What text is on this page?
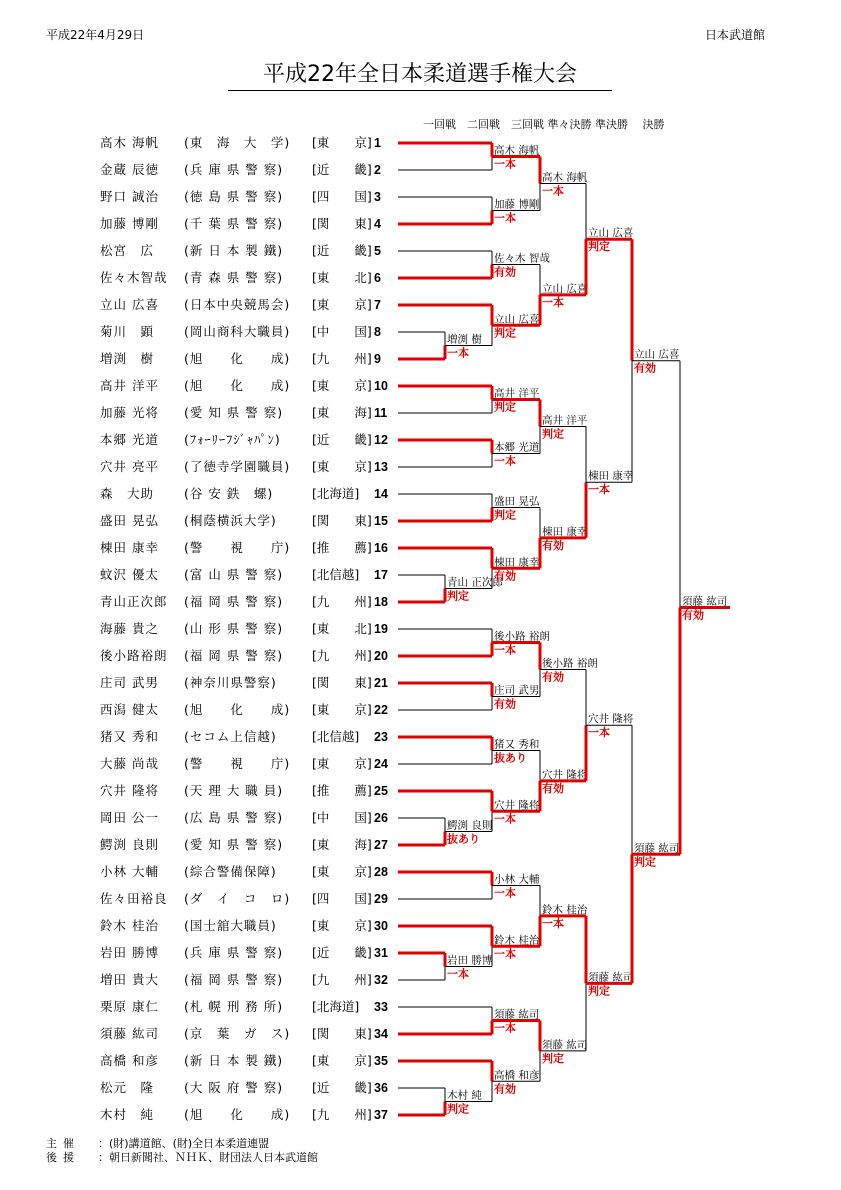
平成22年4月29日	日本武道館
平成22年全日本柔道選手権大会
一回戦　二回戦　三回戦 準々決勝 準決勝　 決勝
高木 海帆 (東　海　大　学) [東　　京] 1
金蔵 辰徳 (兵 庫 県 警 察) [近　　畿] 2
野口 誠治 (徳 島 県 警 察) [四　　国] 3
加藤 博剛 (千 葉 県 警 察) [関　　東] 4
松宮　広 (新 日 本 製 鐵) [近　　畿] 5
佐々木智哉 (青 森 県 警 察) [東　　北] 6
立山 広喜 (日本中央競馬会) [東　　京] 7
菊川　顕 (岡山商科大職員) [中　　国] 8
増渕　樹 (旭　　化　　成) [九　　州] 9
高井 洋平 (旭　　化　　成) [東　　京] 10
加藤 光将 (愛 知 県 警 察) [東　　海] 11
本郷 光道 (ﾌｫｰﾘｰﾌｼﾞｬﾊﾟﾝ) [近　　畿] 12
穴井 亮平 (了徳寺学園職員) [東　　京] 13
森　大助 (谷 安 鉄　螺)	[北海道] 14
盛田 晃弘 (桐蔭横浜大学)	[関　　東] 15
棟田 康幸 (警　　視　　庁) [推　　薦] 16
蚊沢 優太 (富 山 県 警 察) [北信越] 17
青山正次郎 (福 岡 県 警 察) [九　　州] 18
海藤 貴之 (山 形 県 警 察) [東　　北] 19
後小路裕朗 (福 岡 県 警 察) [九　　州] 20
庄司 武男 (神奈川県警察)	[関　　東] 21
西潟 健太 (旭　　化　　成) [東　　京] 22
猪又 秀和 (セコム上信越)	[北信越] 23
大藤 尚哉 (警　　視　　庁) [東　　京] 24
穴井 隆将 (天 理 大 職 員) [推　　薦] 25
岡田 公一 (広 島 県 警 察) [中　　国] 26
鰐渕 良則 (愛 知 県 警 察) [東　　海] 27
小林 大輔 (綜合警備保障)	[東　　京] 28
佐々田裕良 (ダ　イ　コ　ロ) [四　　国] 29
鈴木 桂治 (国士舘大職員)	[東　　京] 30
岩田 勝博 (兵 庫 県 警 察) [近　　畿] 31
増田 貴大 (福 岡 県 警 察) [九　　州] 32
栗原 康仁 (札 幌 刑 務 所) [北海道] 33
須藤 紘司 (京　葉　ガ　ス) [関　　東] 34
高橋 和彦 (新 日 本 製 鐵) [東　　京] 35
松元　隆 (大 阪 府 警 察) [近　　畿] 36
木村　純 (旭　　化　　成) [九　　州] 37
増渕 樹
一本
青山 正次郎
判定
鰐渕 良則
抜あり
岩田 勝博
一本
木村 純
判定
高木 海帆
一本
加藤 博剛
一本
佐々木 智哉
有効
立山 広喜
判定
高井 洋平
判定
本郷 光道
一本
盛田 晃弘
判定
棟田 康幸
有効
後小路 裕朗
一本
庄司 武男
有効
猪又 秀和
抜あり
穴井 隆将
一本
小林 大輔
一本
鈴木 桂治
一本
須藤 紘司
一本
高橋 和彦
有効
高木 海帆
一本
立山 広喜
一本
高井 洋平
判定
棟田 康幸
有効
後小路 裕朗
有効
穴井 隆将
有効
鈴木 桂治
一本
須藤 紘司
判定
立山 広喜
判定
棟田 康幸
一本
穴井 隆将
一本
須藤 紘司
判定
立山 広喜
有効
須藤 紘司
判定
須藤 紘司
有効
主催 ：(財)講道館、(財)全日本柔道連盟
後援 ：朝日新聞社、ＮＨＫ、財団法人日本武道館
